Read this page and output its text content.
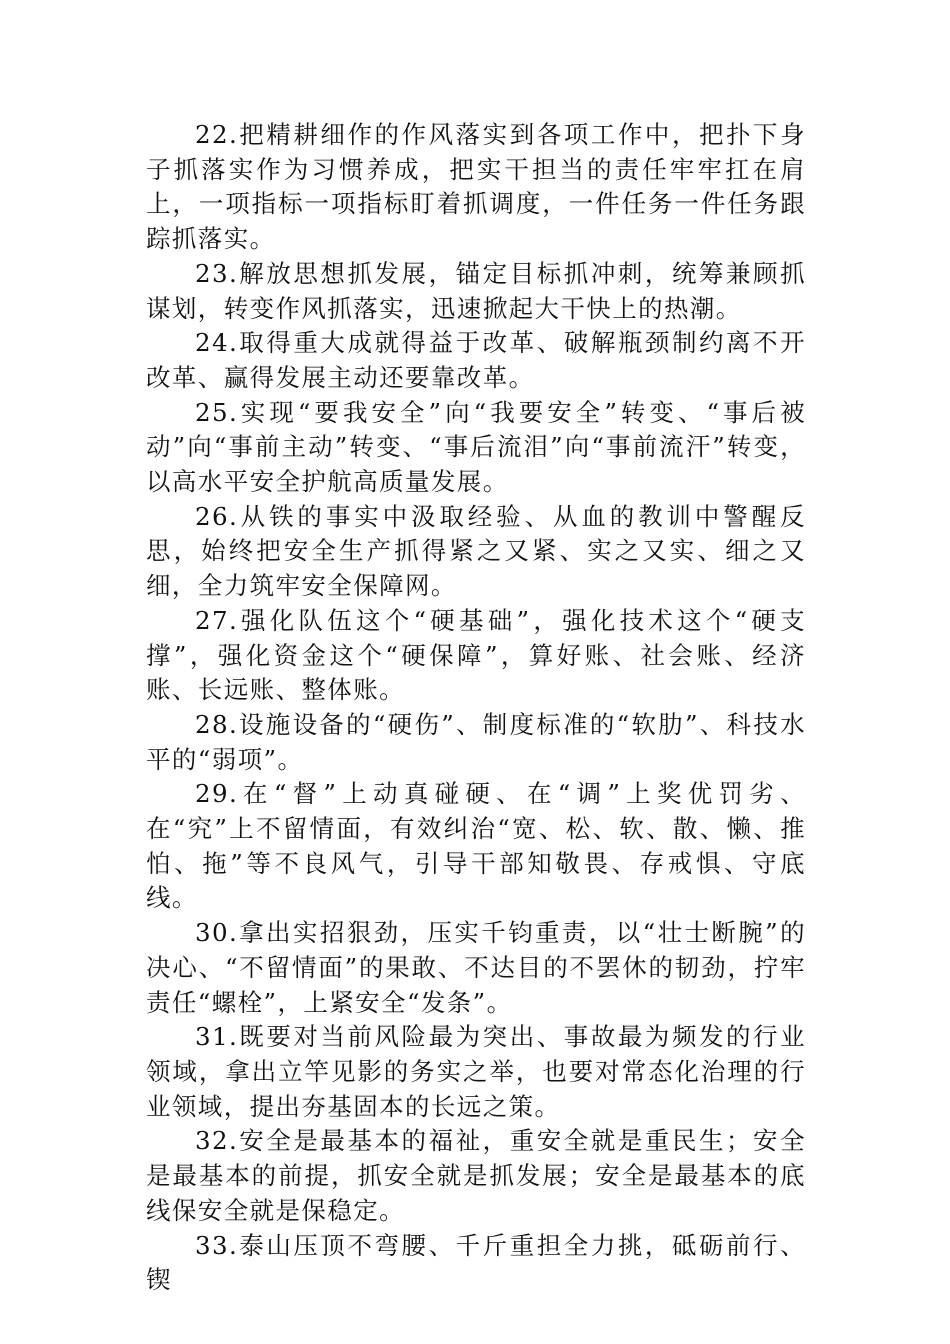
22.把精耕细作的作风落实到各项工作中，把扑下身子抓落实作为习惯养成，把实干担当的责任牢牢扛在肩上，一项指标一项指标盯着抓调度，一件任务一件任务跟踪抓落实。

23.解放思想抓发展，锚定目标抓冲刺，统筹兼顾抓谋划，转变作风抓落实，迅速掀起大干快上的热潮。

24.取得重大成就得益于改革、破解瓶颈制约离不开改革、赢得发展主动还要靠改革。

25.实现“要我安全”向“我要安全”转变、“事后被动”向“事前主动”转变、“事后流泪”向“事前流汗”转变，以高水平安全护航高质量发展。

26.从铁的事实中汲取经验、从血的教训中警醒反思，始终把安全生产抓得紧之又紧、实之又实、细之又细，全力筑牢安全保障网。

27.强化队伍这个“硬基础”，强化技术这个“硬支撑”，强化资金这个“硬保障”，算好账、社会账、经济账、长远账、整体账。

28.设施设备的“硬伤”、制度标准的“软肋”、科技水平的“弱项”。

29.在“督”上动真碰硬、在“调”上奖优罚劣、在“究”上不留情面，有效纠治“宽、松、软、散、懒、推怕、拖”等不良风气，引导干部知敬畏、存戒惧、守底线。

30.拿出实招狠劲，压实千钧重责，以“壮士断腕”的决心、“不留情面”的果敢、不达目的不罢休的韧劲，拧牢责任“螺栓”，上紧安全“发条”。

31.既要对当前风险最为突出、事故最为频发的行业领域，拿出立竿见影的务实之举，也要对常态化治理的行业领域，提出夯基固本的长远之策。

32.安全是最基本的福祉，重安全就是重民生；安全是最基本的前提，抓安全就是抓发展；安全是最基本的底线保安全就是保稳定。

33.泰山压顶不弯腰、千斤重担全力挑，砥砺前行、锲
